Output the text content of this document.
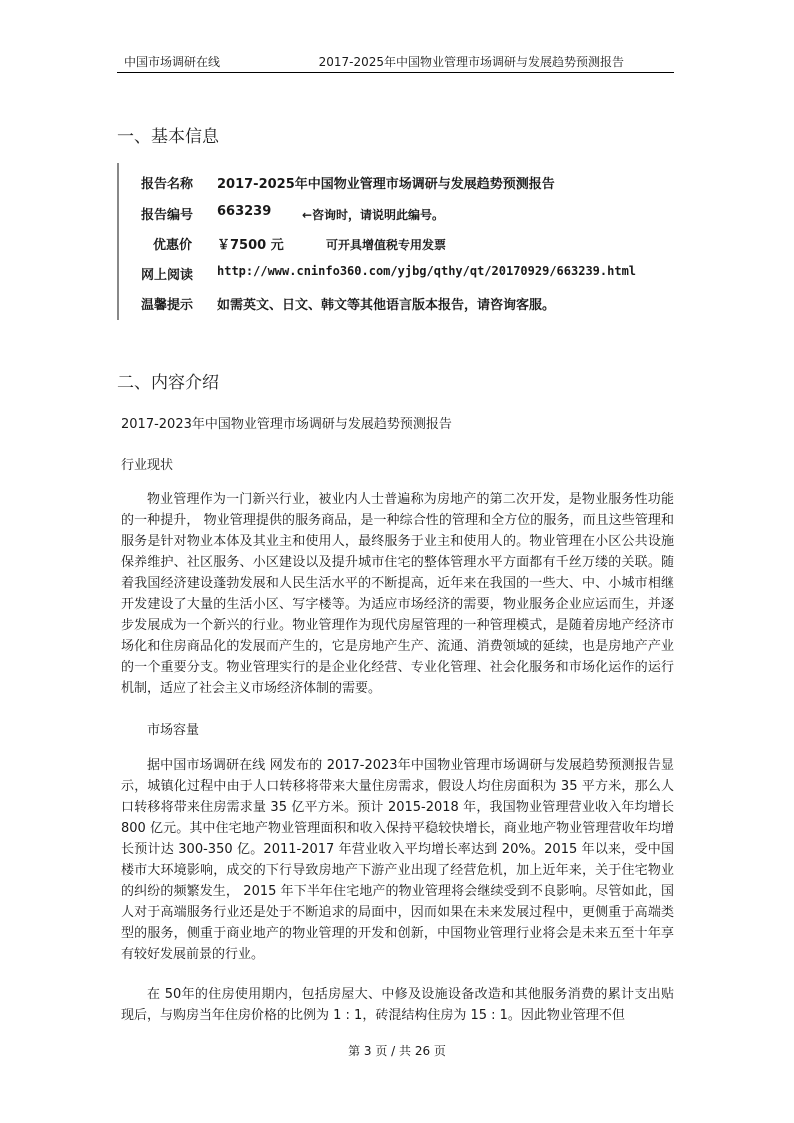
中国市场调研在线	2017-2025年中国物业管理市场调研与发展趋势预测报告
一、基本信息
报告名称 2017-2025年中国物业管理市场调研与发展趋势预测报告
报告编号 663239	←咨询时，请说明此编号。
优惠价 ￥7500 元	可开具增值税专用发票
网上阅读 http://www.cninfo360.com/yjbg/qthy/qt/20170929/663239.html
温馨提示 如需英文、日文、韩文等其他语言版本报告，请咨询客服。
二、内容介绍
2017-2023年中国物业管理市场调研与发展趋势预测报告
行业现状

物业管理作为一门新兴行业，被业内人士普遍称为房地产的第二次开发，是物业服务性功能的一种提升， 物业管理提供的服务商品，是一种综合性的管理和全方位的服务，而且这些管理和服务是针对物业本体及其业主和使用人，最终服务于业主和使用人的。物业管理在小区公共设施保养维护、社区服务、小区建设以及提升城市住宅的整体管理水平方面都有千丝万缕的关联。随着我国经济建设蓬勃发展和人民生活水平的不断提高，近年来在我国的一些大、中、小城市相继开发建设了大量的生活小区、写字楼等。为适应市场经济的需要，物业服务企业应运而生，并逐步发展成为一个新兴的行业。物业管理作为现代房屋管理的一种管理模式，是随着房地产经济市场化和住房商品化的发展而产生的，它是房地产生产、流通、消费领域的延续，也是房地产产业的一个重要分支。物业管理实行的是企业化经营、专业化管理、社会化服务和市场化运作的运行机制，适应了社会主义市场经济体制的需要。

市场容量

据中国市场调研在线 网发布的 2017-2023年中国物业管理市场调研与发展趋势预测报告显示，城镇化过程中由于人口转移将带来大量住房需求，假设人均住房面积为 35 平方米，那么人口转移将带来住房需求量 35 亿平方米。预计 2015-2018 年，我国物业管理营业收入年均增长 800 亿元。其中住宅地产物业管理面积和收入保持平稳较快增长，商业地产物业管理营收年均增长预计达 300-350 亿。2011-2017 年营业收入平均增长率达到 20%。2015 年以来，受中国楼市大环境影响，成交的下行导致房地产下游产业出现了经营危机，加上近年来，关于住宅物业的纠纷的频繁发生， 2015 年下半年住宅地产的物业管理将会继续受到不良影响。尽管如此，国人对于高端服务行业还是处于不断追求的局面中，因而如果在未来发展过程中，更侧重于高端类型的服务，侧重于商业地产的物业管理的开发和创新，中国物业管理行业将会是未来五至十年享有较好发展前景的行业。

在 50年的住房使用期内，包括房屋大、中修及设施设备改造和其他服务消费的累计支出贴现后，与购房当年住房价格的比例为 1 : 1，砖混结构住房为 15 : 1。因此物业管理不但

第 3 页 / 共 26 页
